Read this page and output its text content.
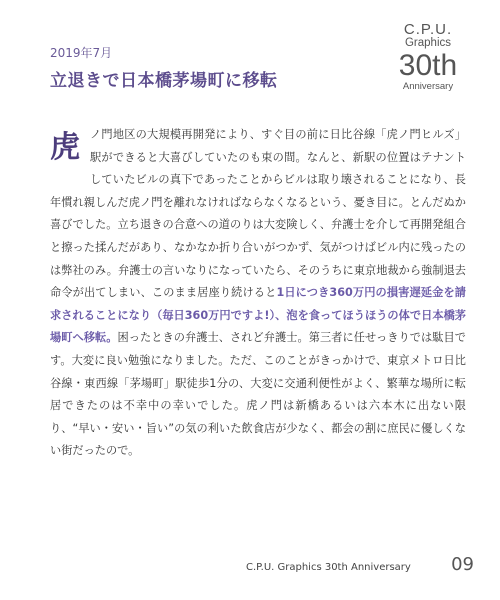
2019年7月
立退きで日本橋茅場町に移転
C.P.U.
Graphics
30th
Anniversary
虎ノ門地区の大規模再開発により、すぐ目の前に日比谷線「虎ノ門ヒルズ」駅ができると大喜びしていたのも束の間。なんと、新駅の位置はテナントしていたビルの真下であったことからビルは取り壊されることになり、長年慣れ親しんだ虎ノ門を離れなければならなくなるという、憂き目に。とんだぬか喜びでした。立ち退きの合意への道のりは大変険しく、弁護士を介して再開発組合と擦った揉んだがあり、なかなか折り合いがつかず、気がつけばビル内に残ったのは弊社のみ。弁護士の言いなりになっていたら、そのうちに東京地裁から強制退去命令が出てしまい、このまま居座り続けると1日につき360万円の損害遅延金を請求されることになり（毎日360万円ですよ!）、泡を食ってほうほうの体で日本橋茅場町へ移転。困ったときの弁護士、されど弁護士。第三者に任せっきりでは駄目です。大変に良い勉強になりました。ただ、このことがきっかけで、東京メトロ日比谷線・東西線「茅場町」駅徒歩1分の、大変に交通利便性がよく、繁華な場所に転居できたのは不幸中の幸いでした。虎ノ門は新橋あるいは六本木に出ない限り、“早い・安い・旨い”の気の利いた飲食店が少なく、都会の割に庶民に優しくない街だったので。
C.P.U. Graphics 30th Anniversary 09
